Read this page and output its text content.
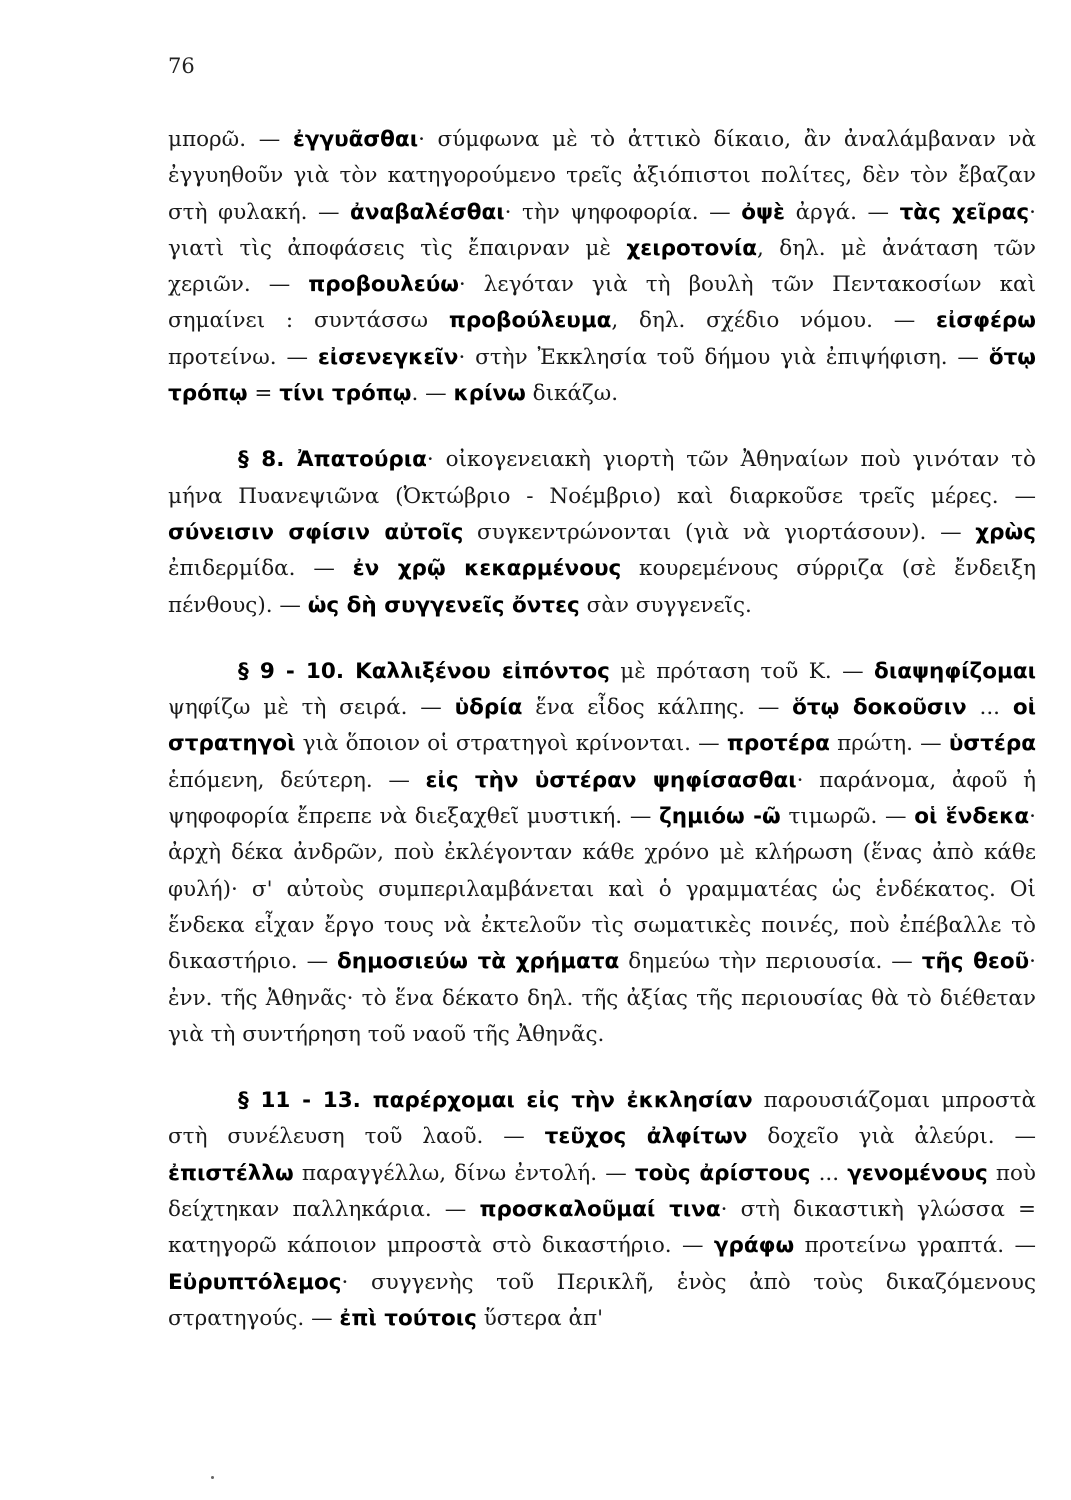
76

μπορῶ. — ἐγγυᾶσθαι· σύμφωνα μὲ τὸ ἀττικὸ δίκαιο, ἂν ἀναλάμβαναν νὰ ἐγγυηθοῦν γιὰ τὸν κατηγορούμενο τρεῖς ἀξιόπιστοι πολίτες, δὲν τὸν ἔβαζαν στὴ φυλακή. — ἀναβαλέσθαι· τὴν ψηφοφορία. — ὀψὲ ἀργά. — τὰς χεῖρας· γιατὶ τὶς ἀποφάσεις τὶς ἔπαιρναν μὲ χειροτονία, δηλ. μὲ ἀνάταση τῶν χεριῶν. — προβουλεύω· λεγόταν γιὰ τὴ βουλὴ τῶν Πεντακοσίων καὶ σημαίνει : συντάσσω προβούλευμα, δηλ. σχέδιο νόμου. — εἰσφέρω προτείνω. — εἰσενεγκεῖν· στὴν Ἐκκλησία τοῦ δήμου γιὰ ἐπιψήφιση. — ὅτῳ τρόπῳ = τίνι τρόπῳ. — κρίνω δικάζω.

§ 8. Ἀπατούρια· οἰκογενειακὴ γιορτὴ τῶν Ἀθηναίων ποὺ γινόταν τὸ μήνα Πυανεψιῶνα (Ὀκτώβριο - Νοέμβριο) καὶ διαρκοῦσε τρεῖς μέρες. — σύνεισιν σφίσιν αὐτοῖς συγκεντρώνονται (γιὰ νὰ γιορτάσουν). — χρὼς ἐπιδερμίδα. — ἐν χρῷ κεκαρμένους κουρεμένους σύρριζα (σὲ ἔνδειξη πένθους). — ὡς δὴ συγγενεῖς ὄντες σὰν συγγενεῖς.

§ 9 - 10. Καλλιξένου εἰπόντος μὲ πρόταση τοῦ Κ. — διαψηφίζομαι ψηφίζω μὲ τὴ σειρά. — ὑδρία ἕνα εἶδος κάλπης. — ὅτῳ δοκοῦσιν ... οἱ στρατηγοὶ γιὰ ὅποιον οἱ στρατηγοὶ κρίνονται. — προτέρα πρώτη. — ὑστέρα ἑπόμενη, δεύτερη. — εἰς τὴν ὑστέραν ψηφίσασθαι· παράνομα, ἀφοῦ ἡ ψηφοφορία ἔπρεπε νὰ διεξαχθεῖ μυστική. — ζημιόω -ῶ τιμωρῶ. — οἱ ἕνδεκα· ἀρχὴ δέκα ἀνδρῶν, ποὺ ἐκλέγονταν κάθε χρόνο μὲ κλήρωση (ἕνας ἀπὸ κάθε φυλή)· σ' αὐτοὺς συμπεριλαμβάνεται καὶ ὁ γραμματέας ὡς ἑνδέκατος. Οἱ ἕνδεκα εἶχαν ἔργο τους νὰ ἐκτελοῦν τὶς σωματικὲς ποινές, ποὺ ἐπέβαλλε τὸ δικαστήριο. — δημοσιεύω τὰ χρήματα δημεύω τὴν περιουσία. — τῆς θεοῦ· ἐνν. τῆς Ἀθηνᾶς· τὸ ἕνα δέκατο δηλ. τῆς ἀξίας τῆς περιουσίας θὰ τὸ διέθεταν γιὰ τὴ συντήρηση τοῦ ναοῦ τῆς Ἀθηνᾶς.

§ 11 - 13. παρέρχομαι εἰς τὴν ἐκκλησίαν παρουσιάζομαι μπροστὰ στὴ συνέλευση τοῦ λαοῦ. — τεῦχος ἀλφίτων δοχεῖο γιὰ ἀλεύρι. — ἐπιστέλλω παραγγέλλω, δίνω ἐντολή. — τοὺς ἀρίστους ... γενομένους ποὺ δείχτηκαν παλληκάρια. — προσκαλοῦμαί τινα· στὴ δικαστικὴ γλώσσα = κατηγορῶ κάποιον μπροστὰ στὸ δικαστήριο. — γράφω προτείνω γραπτά. — Εὐρυπτόλεμος· συγγενὴς τοῦ Περικλῆ, ἑνὸς ἀπὸ τοὺς δικαζόμενους στρατηγούς. — ἐπὶ τούτοις ὕστερα ἀπ'
